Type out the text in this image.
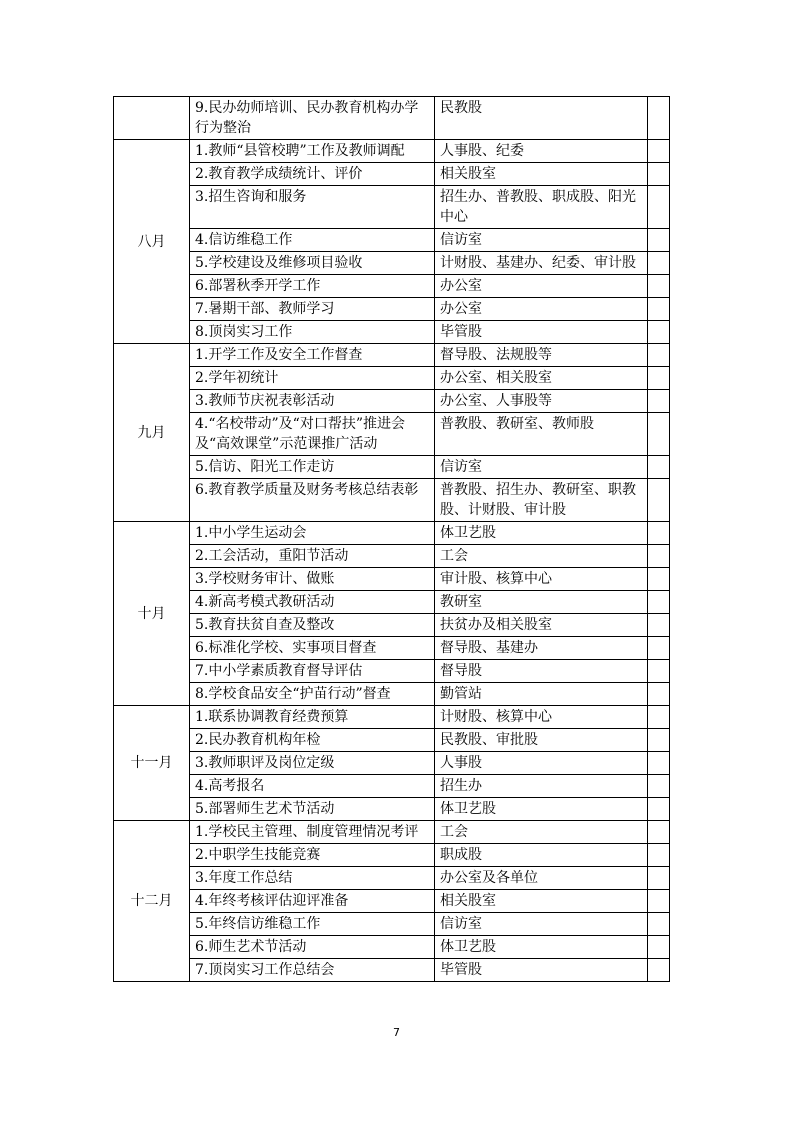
	9.民办幼师培训、民办教育机构办学行为整治	民教股	
八月	1.教师“县管校聘”工作及教师调配	人事股、纪委	
	2.教育教学成绩统计、评价	相关股室	
	3.招生咨询和服务	招生办、普教股、职成股、阳光中心	
	4.信访维稳工作	信访室	
	5.学校建设及维修项目验收	计财股、基建办、纪委、审计股	
	6.部署秋季开学工作	办公室	
	7.暑期干部、教师学习	办公室	
	8.顶岗实习工作	毕管股	
九月	1.开学工作及安全工作督查	督导股、法规股等	
	2.学年初统计	办公室、相关股室	
	3.教师节庆祝表彰活动	办公室、人事股等	
	4.“名校带动”及“对口帮扶”推进会及“高效课堂”示范课推广活动	普教股、教研室、教师股	
	5.信访、阳光工作走访	信访室	
	6.教育教学质量及财务考核总结表彰	普教股、招生办、教研室、职教股、计财股、审计股	
十月	1.中小学生运动会	体卫艺股	
	2.工会活动，重阳节活动	工会	
	3.学校财务审计、做账	审计股、核算中心	
	4.新高考模式教研活动	教研室	
	5.教育扶贫自查及整改	扶贫办及相关股室	
	6.标准化学校、实事项目督查	督导股、基建办	
	7.中小学素质教育督导评估	督导股	
	8.学校食品安全“护苗行动”督查	勤管站	
十一月	1.联系协调教育经费预算	计财股、核算中心	
	2.民办教育机构年检	民教股、审批股	
	3.教师职评及岗位定级	人事股	
	4.高考报名	招生办	
	5.部署师生艺术节活动	体卫艺股	
十二月	1.学校民主管理、制度管理情况考评	工会	
	2.中职学生技能竞赛	职成股	
	3.年度工作总结	办公室及各单位	
	4.年终考核评估迎评准备	相关股室	
	5.年终信访维稳工作	信访室	
	6.师生艺术节活动	体卫艺股	
	7.顶岗实习工作总结会	毕管股	
7
